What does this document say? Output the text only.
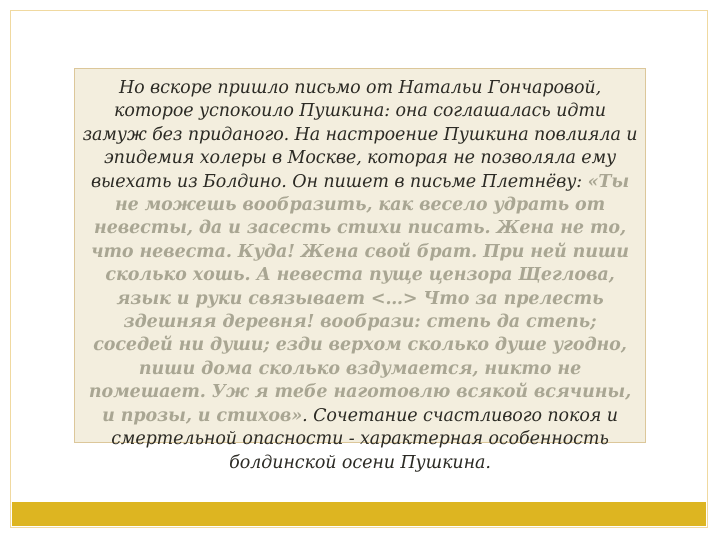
Но вскоре пришло письмо от Натальи Гончаровой, которое успокоило Пушкина: она соглашалась идти замуж без приданого. На настроение Пушкина повлияла и эпидемия холеры в Москве, которая не позволяла ему выехать из Болдино. Он пишет в письме Плетнёву: «Ты не можешь вообразить, как весело удрать от невесты, да и засесть стихи писать. Жена не то, что невеста. Куда! Жена свой брат. При ней пиши сколько хошь. А невеста пуще цензора Щеглова, язык и руки связывает <…> Что за прелесть здешняя деревня! вообрази: степь да степь; соседей ни души; езди верхом сколько душе угодно, пиши дома сколько вздумается, никто не помешает. Уж я тебе наготовлю всякой всячины, и прозы, и стихов». Сочетание счастливого покоя и смертельной опасности - характерная особенность болдинской осени Пушкина.
